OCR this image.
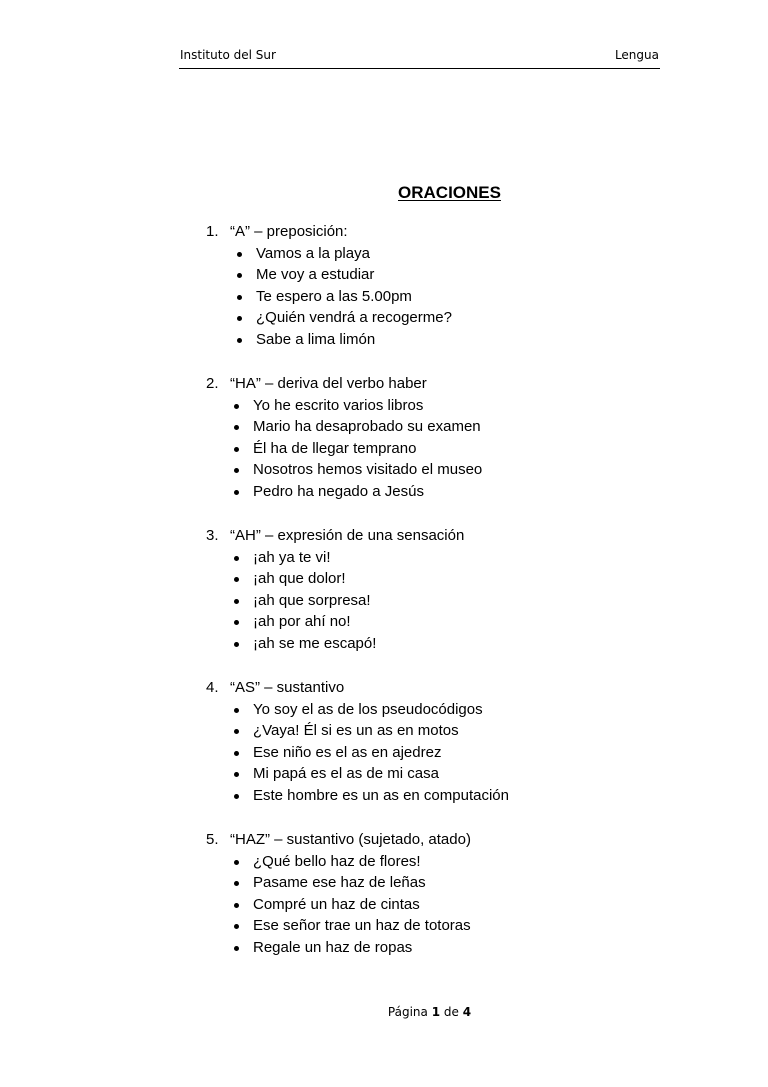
Instituto del Sur	Lengua
ORACIONES
1. “A” – preposición:
Vamos a la playa
Me voy a estudiar
Te espero a las 5.00pm
¿Quién vendrá a recogerme?
Sabe a lima limón
2. “HA” – deriva del verbo haber
Yo he escrito varios libros
Mario ha desaprobado su examen
Él ha de llegar temprano
Nosotros hemos visitado el museo
Pedro ha negado a Jesús
3. “AH” – expresión de una sensación
¡ah ya te vi!
¡ah que dolor!
¡ah que sorpresa!
¡ah por ahí no!
¡ah se me escapó!
4. “AS” – sustantivo
Yo soy el as de los pseudocódigos
¿Vaya! Él si es un as en motos
Ese niño es el as en ajedrez
Mi papá es el as de mi casa
Este hombre es un as en computación
5. “HAZ” – sustantivo (sujetado, atado)
¿Qué bello haz de flores!
Pasame ese haz de leñas
Compré un haz de cintas
Ese señor trae un haz de totoras
Regale un haz de ropas
Página 1 de 4
